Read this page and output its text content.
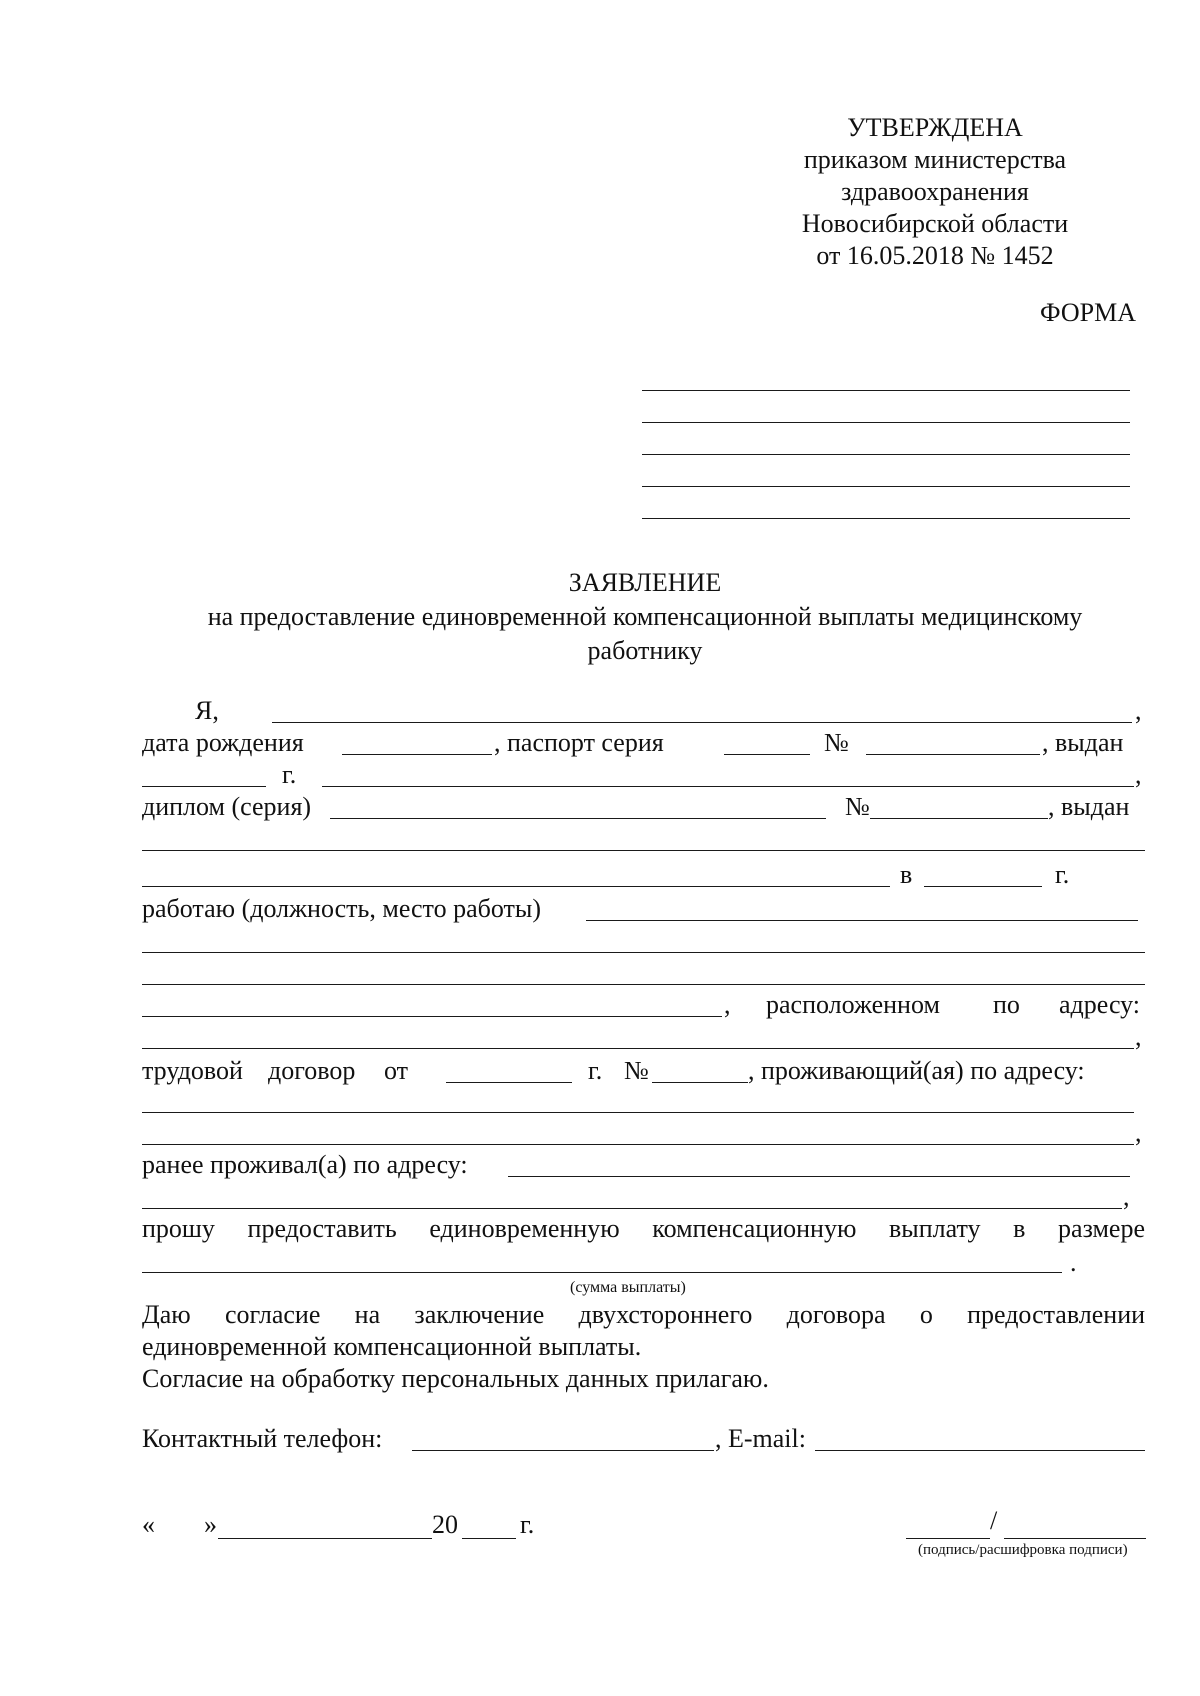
УТВЕРЖДЕНА
приказом министерства
здравоохранения
Новосибирской области
от 16.05.2018 № 1452
ФОРМА
ЗАЯВЛЕНИЕ
на предоставление единовременной компенсационной выплаты медицинскому
работнику
Я,	,
дата рождения	, паспорт серия	№	, выдан
г.	,
диплом (серия)	№	, выдан
в	г.
работаю (должность, место работы)
, расположенном по адресу:
,
трудовой договор от	г. №	, проживающий(ая) по адресу:
,
ранее проживал(а) по адресу:
,
прошу предоставить единовременную компенсационную выплату в размере
.
(сумма выплаты)
Даю согласие на заключение двухстороннего договора о предоставлении
единовременной компенсационной выплаты.
Согласие на обработку персональных данных прилагаю.
Контактный телефон:	, E-mail:
« »	20 г.	/
(подпись/расшифровка подписи)
